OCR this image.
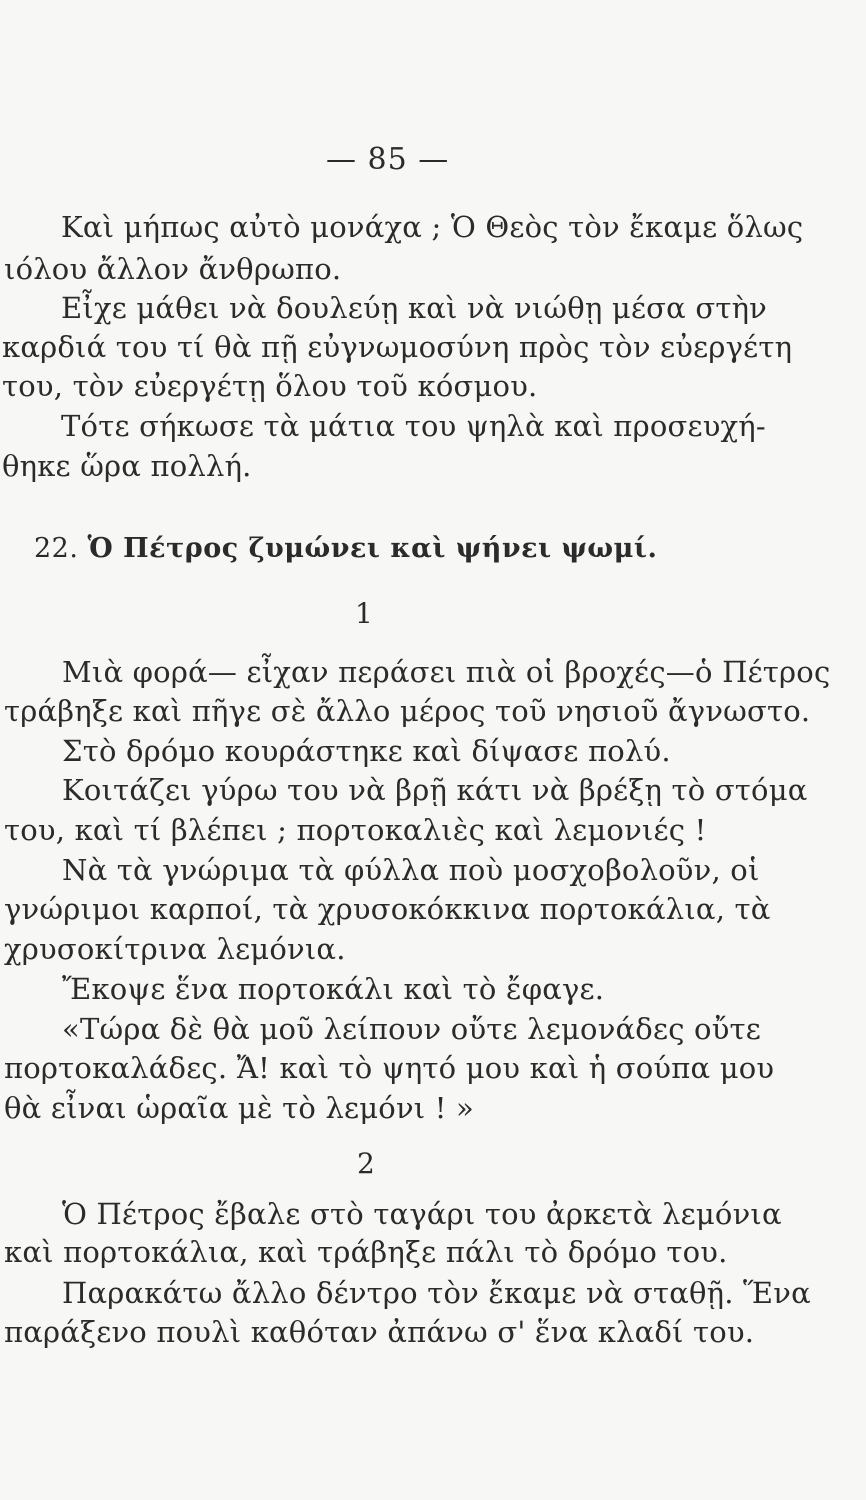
— 85 —
Καὶ μήπως αὐτὸ μονάχα ; Ὁ Θεὸς τὸν ἔκαμε ὅλως
ιόλου ἄλλον ἄνθρωπο.
Εἶχε μάθει νὰ δουλεύῃ καὶ νὰ νιώθῃ μέσα στὴν
καρδιά του τί θὰ πῇ εὐγνωμοσύνη πρὸς τὸν εὐεργέτη
του, τὸν εὐεργέτῃ ὅλου τοῦ κόσμου.
Τότε σήκωσε τὰ μάτια του ψηλὰ καὶ προσευχή-
θηκε ὥρα πολλή.
22. Ὁ Πέτρος ζυμώνει καὶ ψήνει ψωμί.
1
Μιὰ φορά— εἶχαν περάσει πιὰ οἱ βροχές—ὁ Πέτρος
τράβηξε καὶ πῆγε σὲ ἄλλο μέρος τοῦ νησιοῦ ἄγνωστο.
Στὸ δρόμο κουράστηκε καὶ δίψασε πολύ.
Κοιτάζει γύρω του νὰ βρῇ κάτι νὰ βρέξῃ τὸ στόμα
του, καὶ τί βλέπει ; πορτοκαλιὲς καὶ λεμονιές !
Νὰ τὰ γνώριμα τὰ φύλλα ποὺ μοσχοβολοῦν, οἱ
γνώριμοι καρποί, τὰ χρυσοκόκκινα πορτοκάλια, τὰ
χρυσοκίτρινα λεμόνια.
Ἔκοψε ἕνα πορτοκάλι καὶ τὸ ἔφαγε.
«Τώρα δὲ θὰ μοῦ λείπουν οὔτε λεμονάδες οὔτε
πορτοκαλάδες. Ἄ! καὶ τὸ ψητό μου καὶ ἡ σούπα μου
θὰ εἶναι ὡραῖα μὲ τὸ λεμόνι ! »
2
Ὁ Πέτρος ἔβαλε στὸ ταγάρι του ἀρκετὰ λεμόνια
καὶ πορτοκάλια, καὶ τράβηξε πάλι τὸ δρόμο του.
Παρακάτω ἄλλο δέντρο τὸν ἔκαμε νὰ σταθῇ. Ἕνα
παράξενο πουλὶ καθόταν ἀπάνω σ' ἕνα κλαδί του.
